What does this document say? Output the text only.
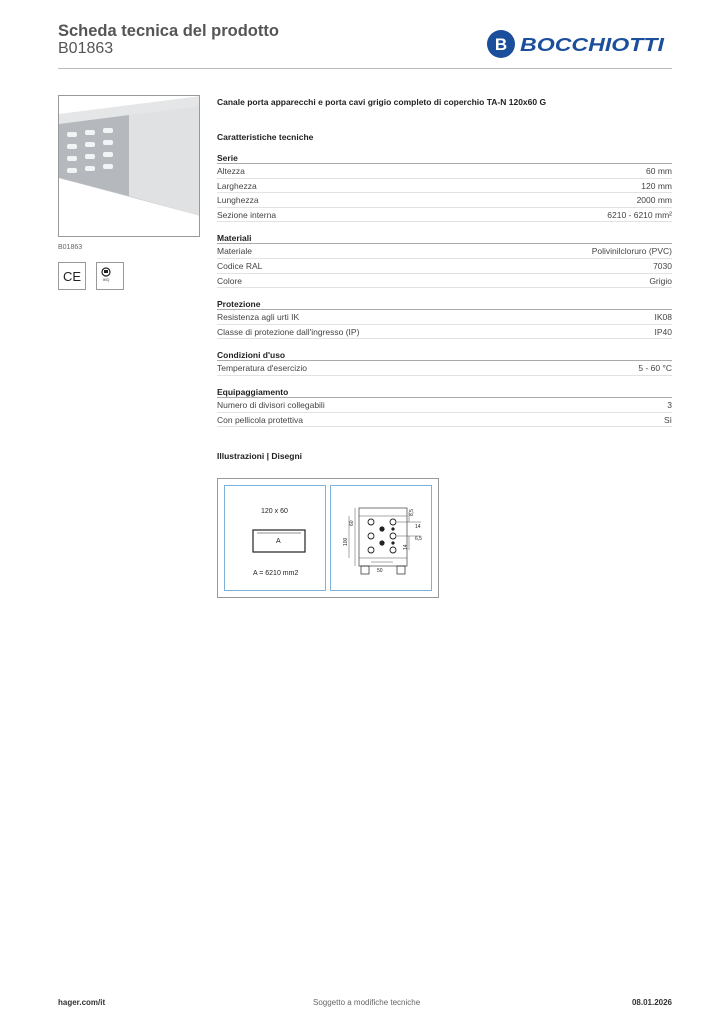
Scheda tecnica del prodotto
B01863	B BOCCHIOTTI
B01863
CE	IMQ
Canale porta apparecchi e porta cavi grigio completo di coperchio TA-N 120x60 G
Caratteristiche tecniche
Serie
Altezza	60 mm
Larghezza	120 mm
Lunghezza	2000 mm
Sezione interna	6210 - 6210 mm²
Materiali
Materiale	Polivinilcloruro (PVC)
Codice RAL	7030
Colore	Grigio
Protezione
Resistenza agli urti IK	IK08
Classe di protezione dall'ingresso (IP)	IP40
Condizioni d'uso
Temperatura d'esercizio	5 - 60 °C
Equipaggiamento
Numero di divisori collegabili	3
Con pellicola protettiva	Sì
Illustrazioni | Disegni
120 x 60
A
A = 6210 mm2
8,5
14
6,5
14
50
60
100
hager.com/it	Soggetto a modifiche tecniche	08.01.2026
